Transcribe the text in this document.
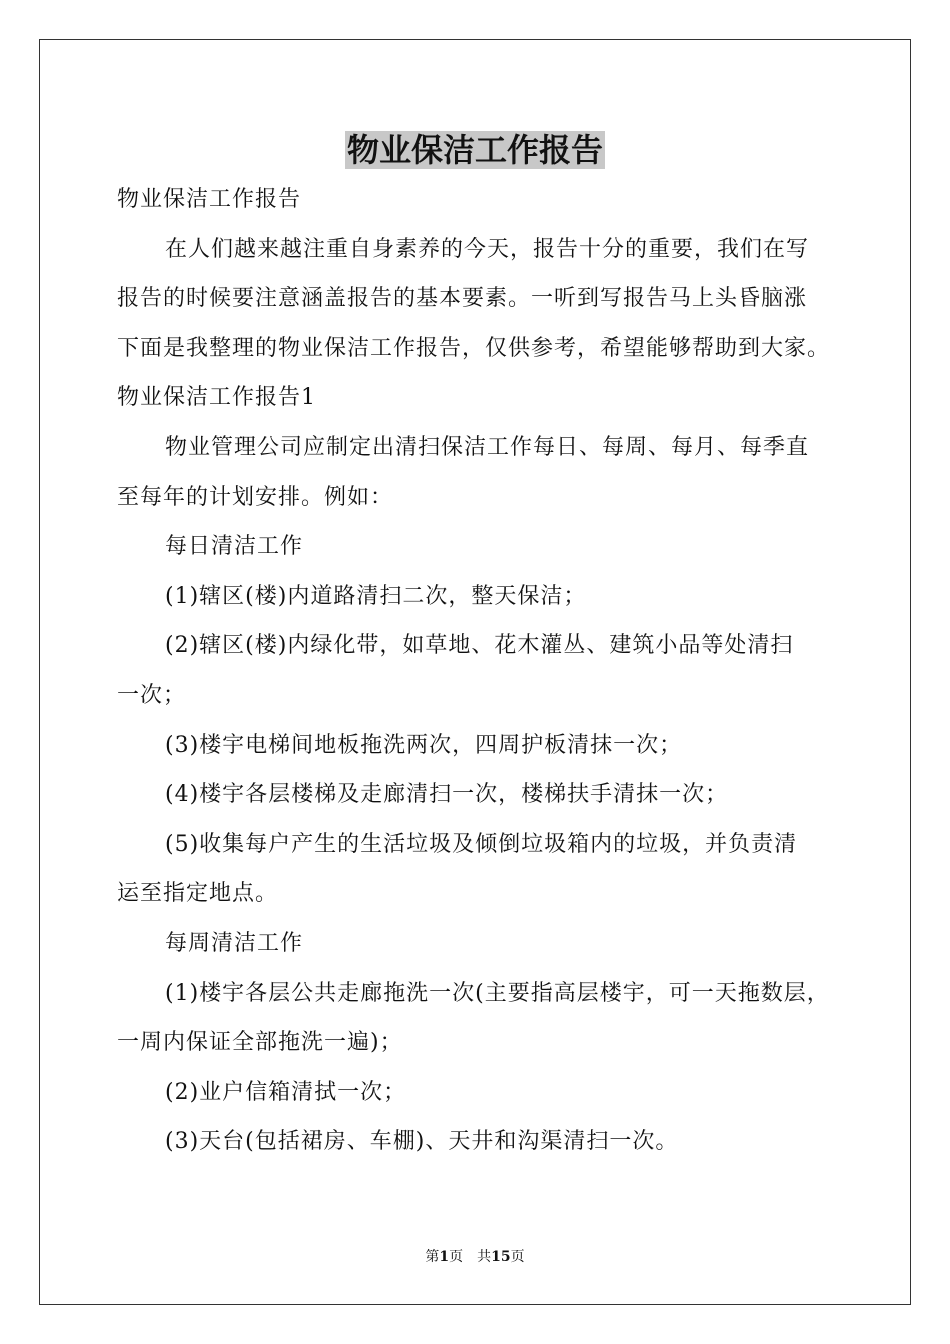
物业保洁工作报告

物业保洁工作报告

在人们越来越注重自身素养的今天，报告十分的重要，我们在写

报告的时候要注意涵盖报告的基本要素。一听到写报告马上头昏脑涨

下面是我整理的物业保洁工作报告，仅供参考，希望能够帮助到大家。

物业保洁工作报告1

物业管理公司应制定出清扫保洁工作每日、每周、每月、每季直

至每年的计划安排。例如：

每日清洁工作

(1)辖区(楼)内道路清扫二次，整天保洁；

(2)辖区(楼)内绿化带，如草地、花木灌丛、建筑小品等处清扫

一次；

(3)楼宇电梯间地板拖洗两次，四周护板清抹一次；

(4)楼宇各层楼梯及走廊清扫一次，楼梯扶手清抹一次；

(5)收集每户产生的生活垃圾及倾倒垃圾箱内的垃圾，并负责清

运至指定地点。

每周清洁工作

(1)楼宇各层公共走廊拖洗一次(主要指高层楼宇，可一天拖数层，

一周内保证全部拖洗一遍)；

(2)业户信箱清拭一次；

(3)天台(包括裙房、车棚)、天井和沟渠清扫一次。

第1页　共15页
